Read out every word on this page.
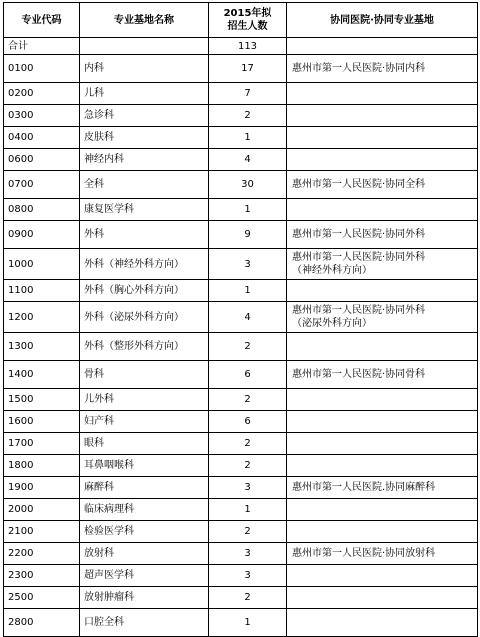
专业代码	专业基地名称	2015年拟
招生人数	协同医院·协同专业基地
合计		113	
0100	内科	17	惠州市第一人民医院·协同内科

0200	儿科	7	
0300	急诊科	2	
0400	皮肤科	1	
0600	神经内科	4	
0700	全科	30	惠州市第一人民医院·协同全科

0800	康复医学科	1	
0900	外科	9	惠州市第一人民医院·协同外科

1000	外科（神经外科方向）	3	惠州市第一人民医院·协同外科
（神经外科方向）

1100	外科（胸心外科方向）	1	
1200	外科（泌尿外科方向）	4	惠州市第一人民医院·协同外科
（泌尿外科方向）

1300	外科（整形外科方向）	2	
1400	骨科	6	惠州市第一人民医院·协同骨科

1500	儿外科	2	
1600	妇产科	6	
1700	眼科	2	
1800	耳鼻咽喉科	2	
1900	麻醉科	3	惠州市第一人民医院.协同麻醉科

2000	临床病理科	1	
2100	检验医学科	2	
2200	放射科	3	惠州市第一人民医院·协同放射科

2300	超声医学科	3	
2500	放射肿瘤科	2	
2800	口腔全科	1	
